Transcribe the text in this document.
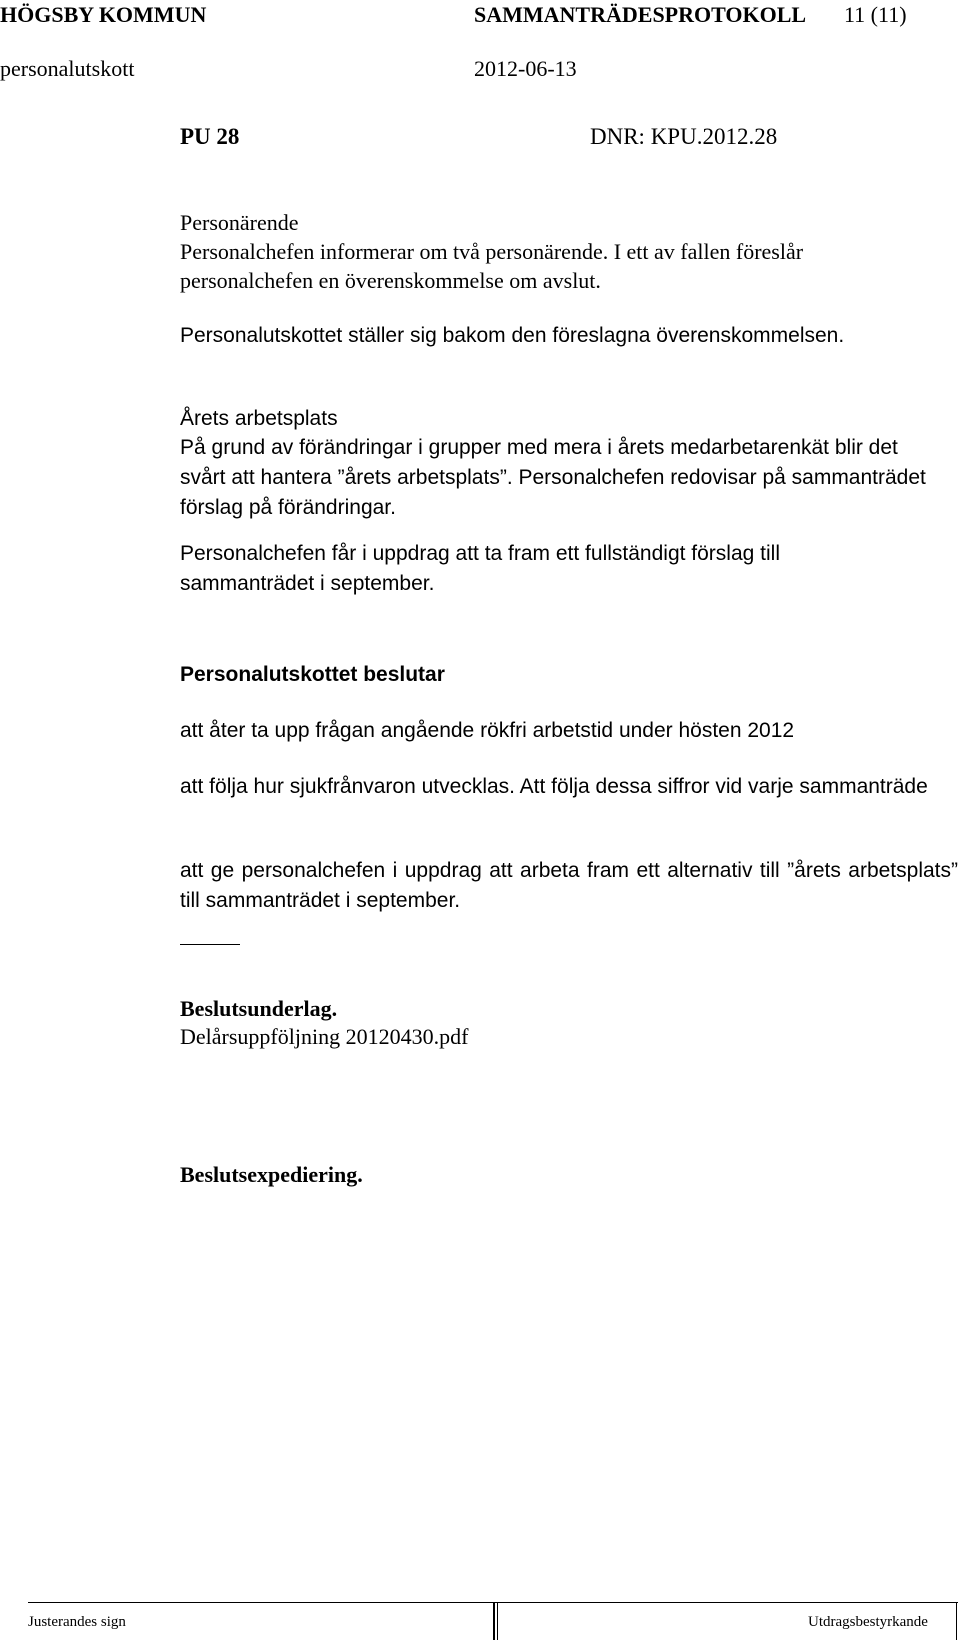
HÖGSBY KOMMUN	SAMMANTRÄDESPROTOKOLL 11 (11)
personalutskott	2012-06-13
PU 28	DNR: KPU.2012.28
Personärende
Personalchefen informerar om två personärende. I ett av fallen föreslår personalchefen en överenskommelse om avslut.
Personalutskottet ställer sig bakom den föreslagna överenskommelsen.
Årets arbetsplats
På grund av förändringar i grupper med mera i årets medarbetarenkät blir det svårt att hantera ”årets arbetsplats”. Personalchefen redovisar på sammanträdet förslag på förändringar.
Personalchefen får i uppdrag att ta fram ett fullständigt förslag till sammanträdet i september.
Personalutskottet beslutar
att åter ta upp frågan angående rökfri arbetstid under hösten 2012
att följa hur sjukfrånvaron utvecklas. Att följa dessa siffror vid varje sammanträde
att ge personalchefen i uppdrag att arbeta fram ett alternativ till ”årets arbetsplats” till sammanträdet i september.
Beslutsunderlag.
Delårsuppföljning 20120430.pdf
Beslutsexpediering.
Justerandes sign	Utdragsbestyrkande
